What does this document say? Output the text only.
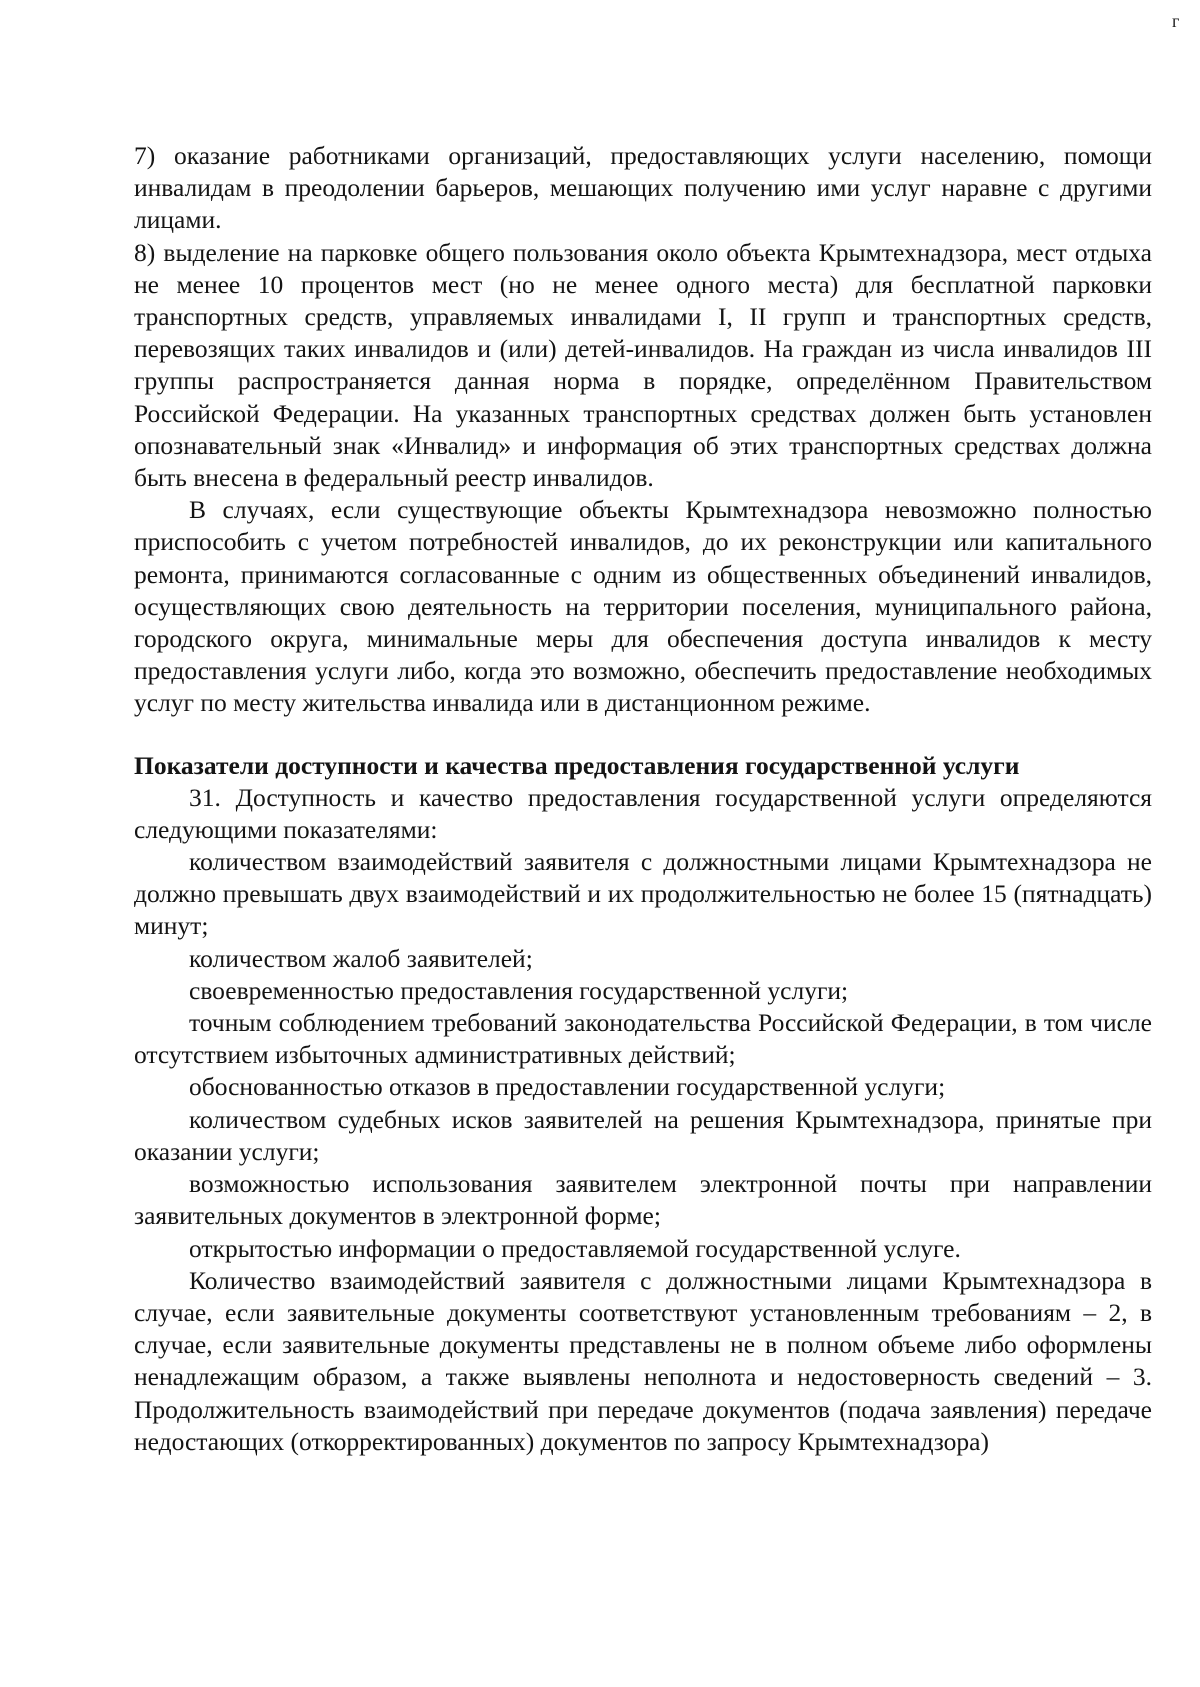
г

7) оказание работниками организаций, предоставляющих услуги населению, помощи инвалидам в преодолении барьеров, мешающих получению ими услуг наравне с другими лицами.

8) выделение на парковке общего пользования около объекта Крымтехнадзора, мест отдыха не менее 10 процентов мест (но не менее одного места) для бесплатной парковки транспортных средств, управляемых инвалидами I, II групп и транспортных средств, перевозящих таких инвалидов и (или) детей-инвалидов. На граждан из числа инвалидов III группы распространяется данная норма в порядке, определённом Правительством Российской Федерации. На указанных транспортных средствах должен быть установлен опознавательный знак «Инвалид» и информация об этих транспортных средствах должна быть внесена в федеральный реестр инвалидов.

В случаях, если существующие объекты Крымтехнадзора невозможно полностью приспособить с учетом потребностей инвалидов, до их реконструкции или капитального ремонта, принимаются согласованные с одним из общественных объединений инвалидов, осуществляющих свою деятельность на территории поселения, муниципального района, городского округа, минимальные меры для обеспечения доступа инвалидов к месту предоставления услуги либо, когда это возможно, обеспечить предоставление необходимых услуг по месту жительства инвалида или в дистанционном режиме.

Показатели доступности и качества предоставления государственной услуги

31. Доступность и качество предоставления государственной услуги определяются следующими показателями:

количеством взаимодействий заявителя с должностными лицами Крымтехнадзора не должно превышать двух взаимодействий и их продолжительностью не более 15 (пятнадцать) минут;

количеством жалоб заявителей;

своевременностью предоставления государственной услуги;

точным соблюдением требований законодательства Российской Федерации, в том числе отсутствием избыточных административных действий;

обоснованностью отказов в предоставлении государственной услуги;

количеством судебных исков заявителей на решения Крымтехнадзора, принятые при оказании услуги;

возможностью использования заявителем электронной почты при направлении заявительных документов в электронной форме;

открытостью информации о предоставляемой государственной услуге.

Количество взаимодействий заявителя с должностными лицами Крымтехнадзора в случае, если заявительные документы соответствуют установленным требованиям – 2, в случае, если заявительные документы представлены не в полном объеме либо оформлены ненадлежащим образом, а также выявлены неполнота и недостоверность сведений – 3. Продолжительность взаимодействий при передаче документов (подача заявления) передаче недостающих (откорректированных) документов по запросу Крымтехнадзора)
